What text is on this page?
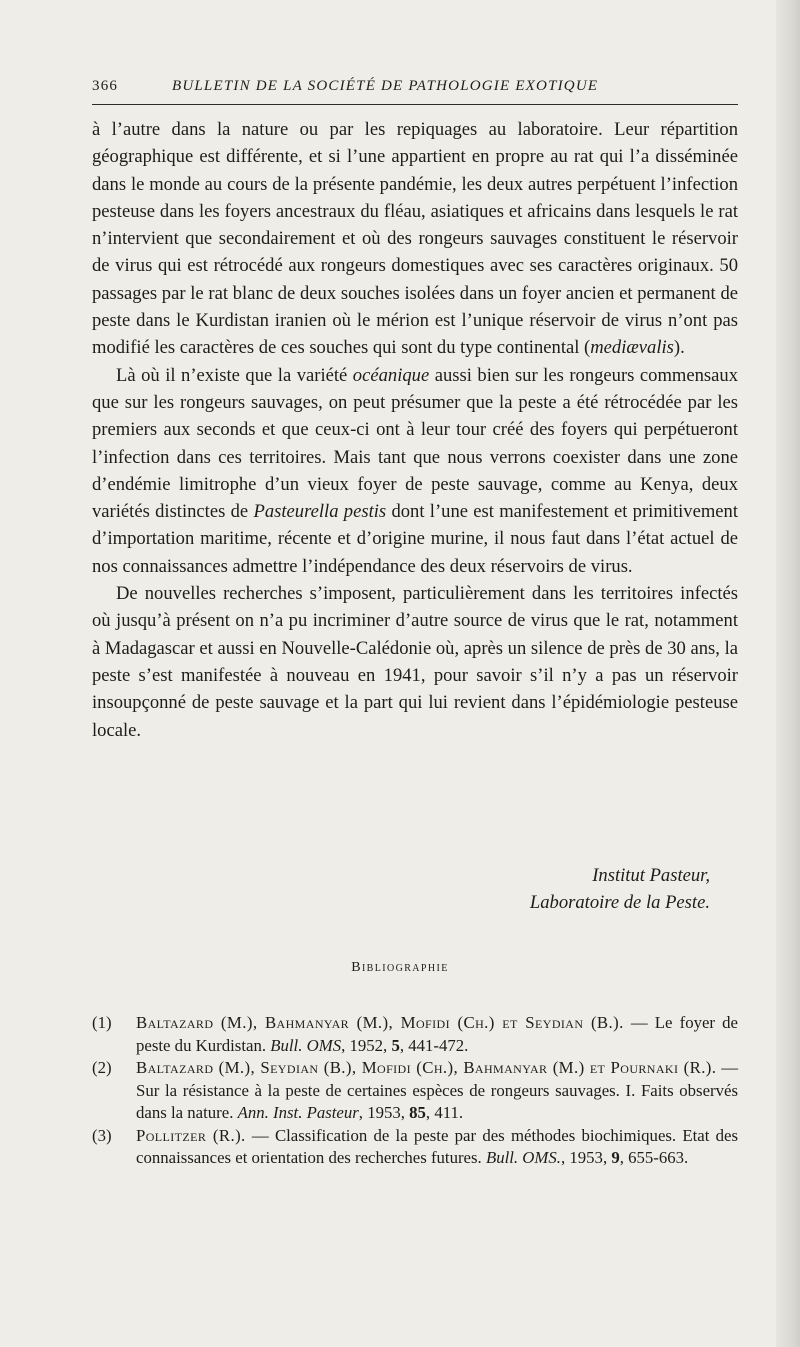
366	BULLETIN DE LA SOCIÉTÉ DE PATHOLOGIE EXOTIQUE

à l’autre dans la nature ou par les repiquages au laboratoire. Leur répartition géographique est différente, et si l’une appartient en propre au rat qui l’a disséminée dans le monde au cours de la présente pandémie, les deux autres perpétuent l’infection pesteuse dans les foyers ancestraux du fléau, asiatiques et africains dans lesquels le rat n’intervient que secondairement et où des rongeurs sauvages constituent le réservoir de virus qui est rétrocédé aux rongeurs domestiques avec ses caractères originaux. 50 passages par le rat blanc de deux souches isolées dans un foyer ancien et permanent de peste dans le Kurdistan iranien où le mérion est l’unique réservoir de virus n’ont pas modifié les caractères de ces souches qui sont du type continental (mediævalis).

Là où il n’existe que la variété océanique aussi bien sur les rongeurs commensaux que sur les rongeurs sauvages, on peut présumer que la peste a été rétrocédée par les premiers aux seconds et que ceux-ci ont à leur tour créé des foyers qui perpétueront l’infection dans ces territoires. Mais tant que nous verrons coexister dans une zone d’endémie limitrophe d’un vieux foyer de peste sauvage, comme au Kenya, deux variétés distinctes de Pasteurella pestis dont l’une est manifestement et primitivement d’importation maritime, récente et d’origine murine, il nous faut dans l’état actuel de nos connaissances admettre l’indépendance des deux réservoirs de virus.

De nouvelles recherches s’imposent, particulièrement dans les territoires infectés où jusqu’à présent on n’a pu incriminer d’autre source de virus que le rat, notamment à Madagascar et aussi en Nouvelle-Calédonie où, après un silence de près de 30 ans, la peste s’est manifestée à nouveau en 1941, pour savoir s’il n’y a pas un réservoir insoupçonné de peste sauvage et la part qui lui revient dans l’épidémiologie pesteuse locale.

Institut Pasteur,
Laboratoire de la Peste.
Bibliographie
(1) Baltazard (M.), Bahmanyar (M.), Mofidi (Ch.) et Seydian (B.). — Le foyer de peste du Kurdistan. Bull. OMS, 1952, 5, 441-472.
(2) Baltazard (M.), Seydian (B.), Mofidi (Ch.), Bahmanyar (M.) et Pournaki (R.). — Sur la résistance à la peste de certaines espèces de rongeurs sauvages. I. Faits observés dans la nature. Ann. Inst. Pasteur, 1953, 85, 411.
(3) Pollitzer (R.). — Classification de la peste par des méthodes biochimiques. Etat des connaissances et orientation des recherches futures. Bull. OMS., 1953, 9, 655-663.
